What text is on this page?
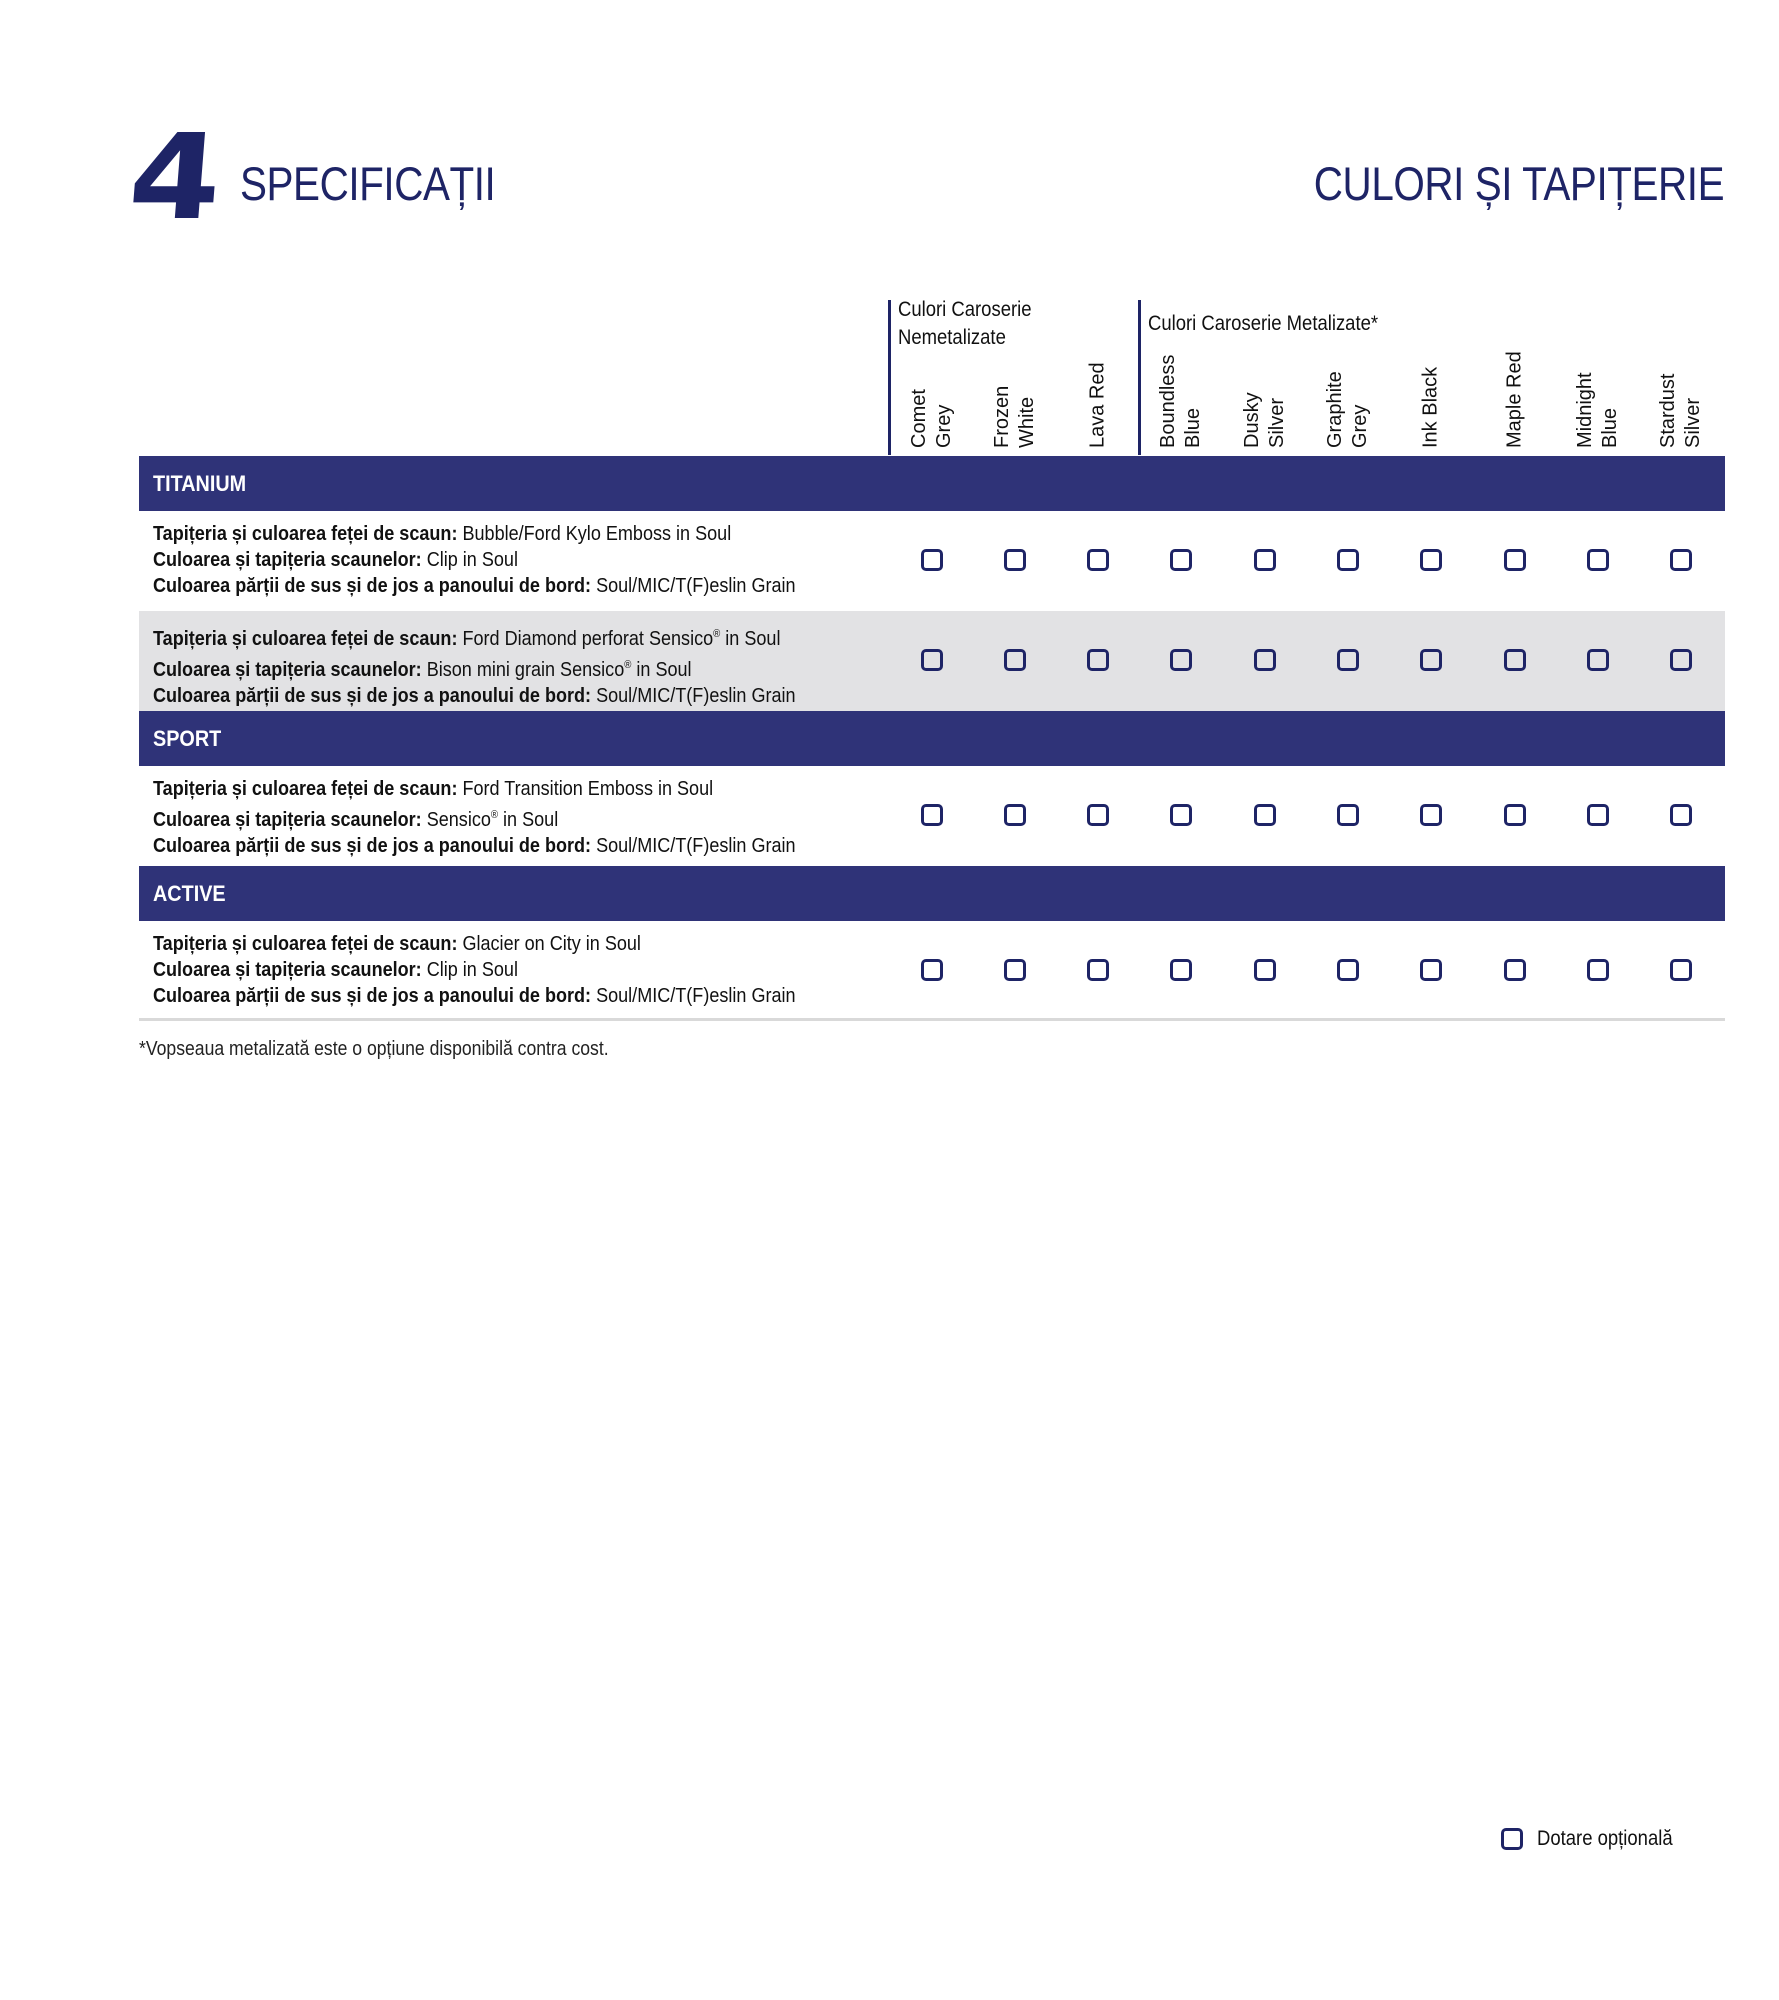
4 SPECIFICAȚII	CULORI ȘI TAPIȚERIE
Culori Caroserie
Nemetalizate
Culori Caroserie Metalizate*
Comet
Grey Frozen
White Lava Red Boundless
Blue Dusky
Silver Graphite
Grey Ink Black	Maple Red Midnight
Blue Stardust
Silver
TITANIUM
Tapițeria și culoarea feței de scaun: Bubble/Ford Kylo Emboss in Soul
Culoarea și tapițeria scaunelor: Clip in Soul
Culoarea părții de sus și de jos a panoului de bord: Soul/MIC/T(F)eslin Grain
Tapițeria și culoarea feței de scaun: Ford Diamond perforat Sensico® in Soul
Culoarea și tapițeria scaunelor: Bison mini grain Sensico® in Soul
Culoarea părții de sus și de jos a panoului de bord: Soul/MIC/T(F)eslin Grain
SPORT
Tapițeria și culoarea feței de scaun: Ford Transition Emboss in Soul
Culoarea și tapițeria scaunelor: Sensico® in Soul
Culoarea părții de sus și de jos a panoului de bord: Soul/MIC/T(F)eslin Grain
ACTIVE
Tapițeria și culoarea feței de scaun: Glacier on City in Soul
Culoarea și tapițeria scaunelor: Clip in Soul
Culoarea părții de sus și de jos a panoului de bord: Soul/MIC/T(F)eslin Grain
*Vopseaua metalizată este o opțiune disponibilă contra cost.
Dotare opțională
